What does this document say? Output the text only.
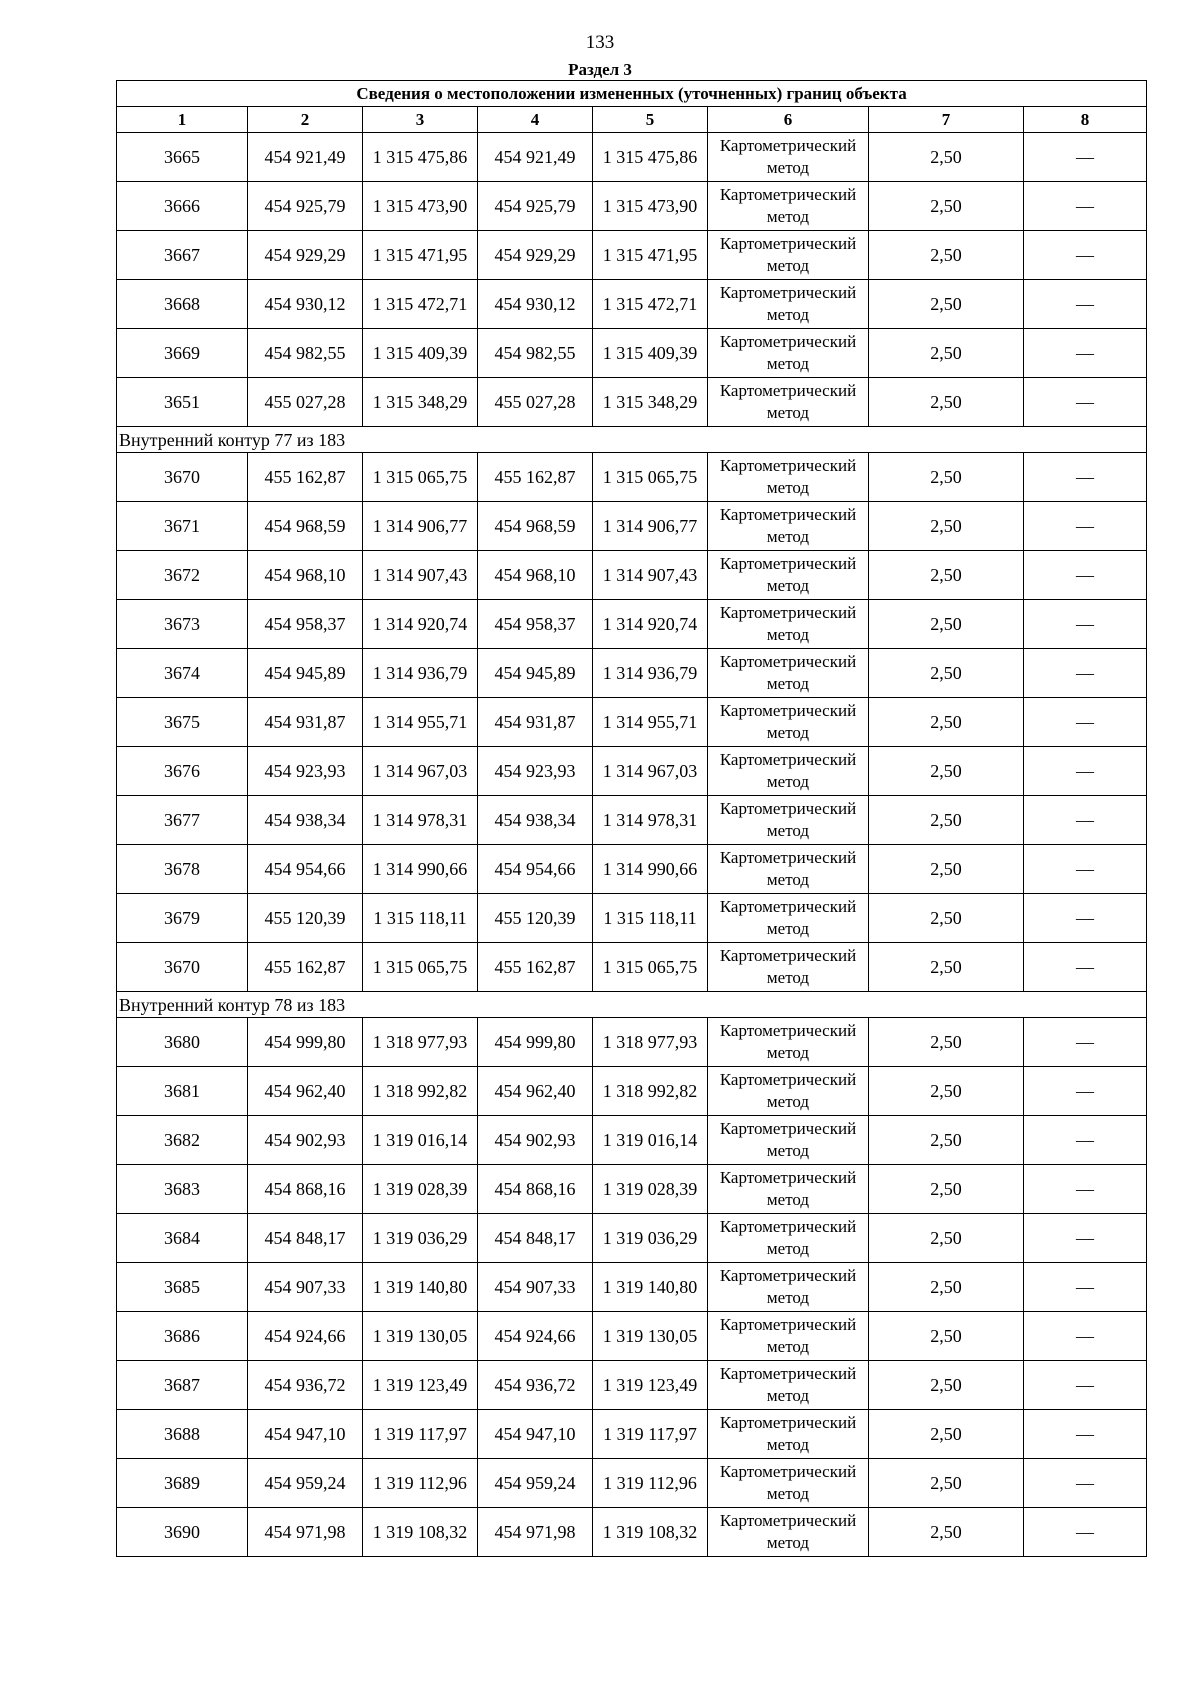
133
Раздел 3
Сведения о местоположении измененных (уточненных) границ объекта							
1	2	3	4	5	6	7	8
3665	454 921,49	1 315 475,86	454 921,49	1 315 475,86	Картометрический метод	2,50	—
3666	454 925,79	1 315 473,90	454 925,79	1 315 473,90	Картометрический метод	2,50	—
3667	454 929,29	1 315 471,95	454 929,29	1 315 471,95	Картометрический метод	2,50	—
3668	454 930,12	1 315 472,71	454 930,12	1 315 472,71	Картометрический метод	2,50	—
3669	454 982,55	1 315 409,39	454 982,55	1 315 409,39	Картометрический метод	2,50	—
3651	455 027,28	1 315 348,29	455 027,28	1 315 348,29	Картометрический метод	2,50	—
Внутренний контур 77 из 183							
3670	455 162,87	1 315 065,75	455 162,87	1 315 065,75	Картометрический метод	2,50	—
3671	454 968,59	1 314 906,77	454 968,59	1 314 906,77	Картометрический метод	2,50	—
3672	454 968,10	1 314 907,43	454 968,10	1 314 907,43	Картометрический метод	2,50	—
3673	454 958,37	1 314 920,74	454 958,37	1 314 920,74	Картометрический метод	2,50	—
3674	454 945,89	1 314 936,79	454 945,89	1 314 936,79	Картометрический метод	2,50	—
3675	454 931,87	1 314 955,71	454 931,87	1 314 955,71	Картометрический метод	2,50	—
3676	454 923,93	1 314 967,03	454 923,93	1 314 967,03	Картометрический метод	2,50	—
3677	454 938,34	1 314 978,31	454 938,34	1 314 978,31	Картометрический метод	2,50	—
3678	454 954,66	1 314 990,66	454 954,66	1 314 990,66	Картометрический метод	2,50	—
3679	455 120,39	1 315 118,11	455 120,39	1 315 118,11	Картометрический метод	2,50	—
3670	455 162,87	1 315 065,75	455 162,87	1 315 065,75	Картометрический метод	2,50	—
Внутренний контур 78 из 183							
3680	454 999,80	1 318 977,93	454 999,80	1 318 977,93	Картометрический метод	2,50	—
3681	454 962,40	1 318 992,82	454 962,40	1 318 992,82	Картометрический метод	2,50	—
3682	454 902,93	1 319 016,14	454 902,93	1 319 016,14	Картометрический метод	2,50	—
3683	454 868,16	1 319 028,39	454 868,16	1 319 028,39	Картометрический метод	2,50	—
3684	454 848,17	1 319 036,29	454 848,17	1 319 036,29	Картометрический метод	2,50	—
3685	454 907,33	1 319 140,80	454 907,33	1 319 140,80	Картометрический метод	2,50	—
3686	454 924,66	1 319 130,05	454 924,66	1 319 130,05	Картометрический метод	2,50	—
3687	454 936,72	1 319 123,49	454 936,72	1 319 123,49	Картометрический метод	2,50	—
3688	454 947,10	1 319 117,97	454 947,10	1 319 117,97	Картометрический метод	2,50	—
3689	454 959,24	1 319 112,96	454 959,24	1 319 112,96	Картометрический метод	2,50	—
3690	454 971,98	1 319 108,32	454 971,98	1 319 108,32	Картометрический метод	2,50	—
